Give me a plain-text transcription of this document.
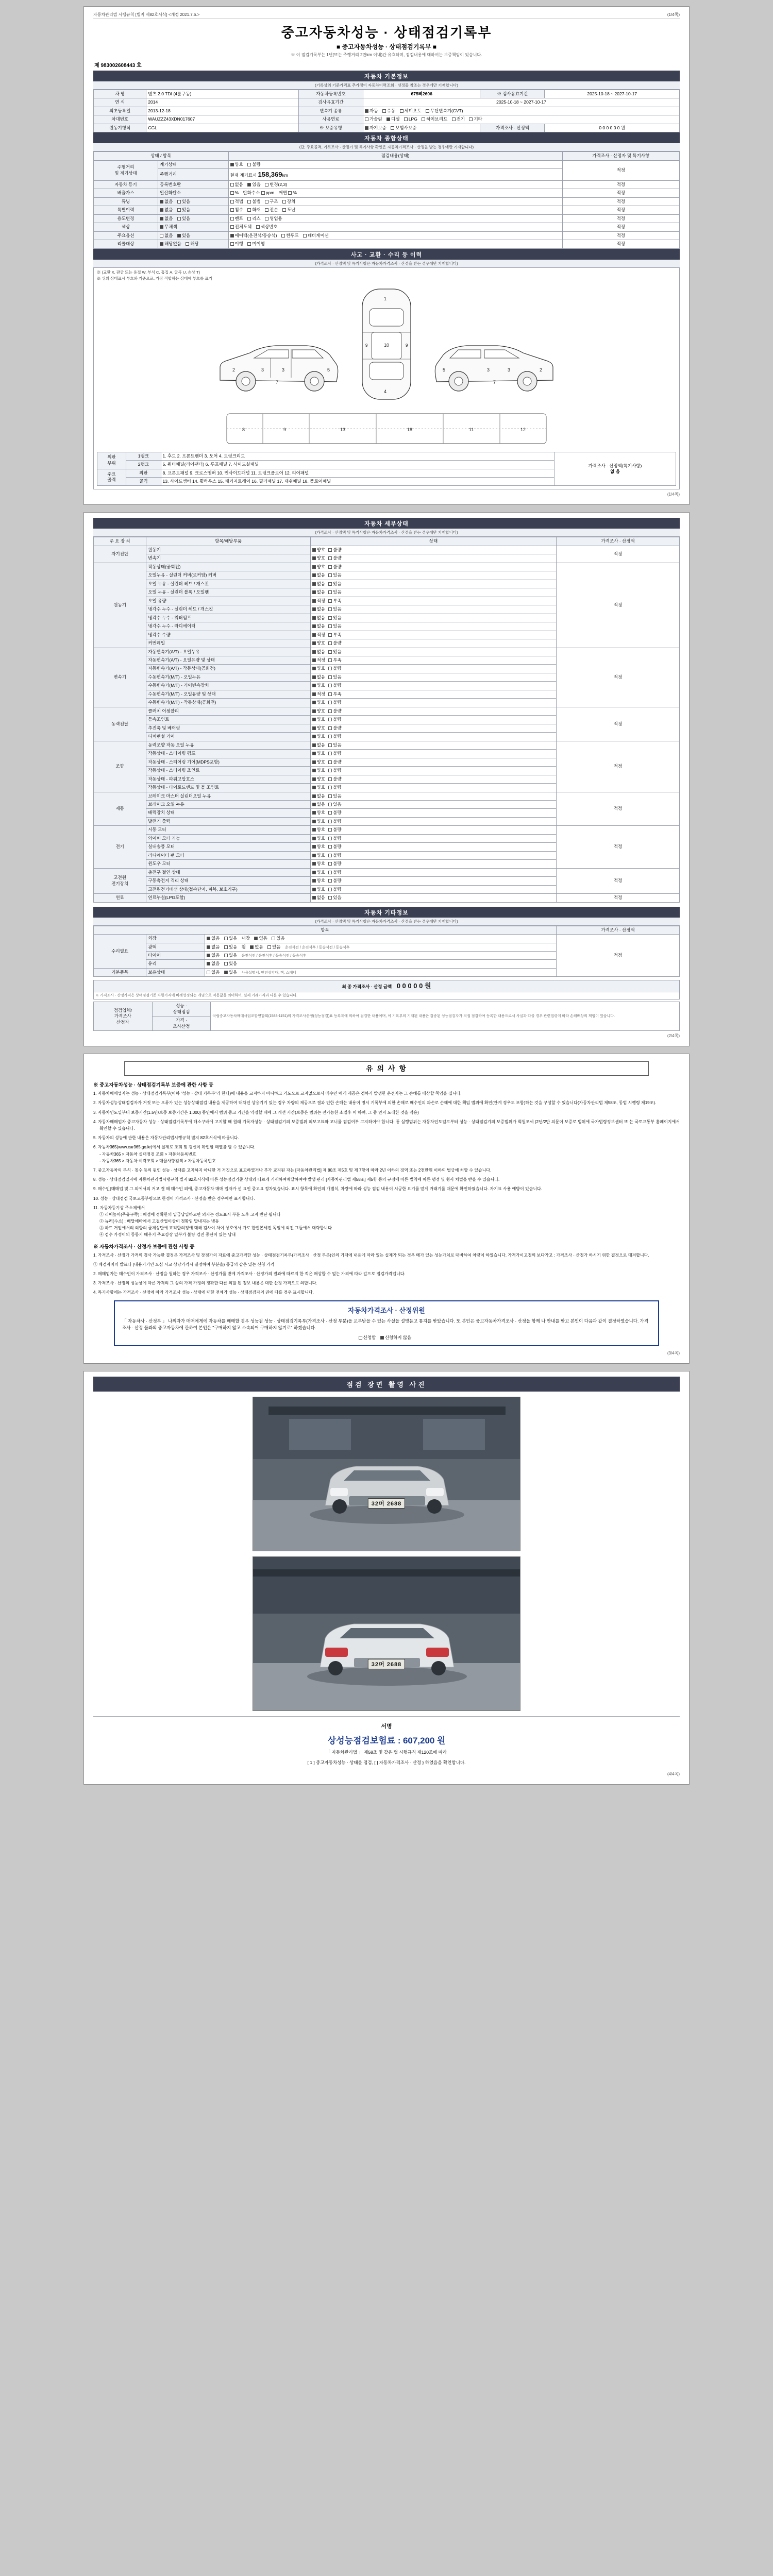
자동차관리법 시행규칙 [별지 제82호서식] <개정 2021.7.6.>	(1/4쪽)
중고자동차성능 · 상태점검기록부
■ 중고자동차성능 · 상태점검기록부 ■
※ 이 점검기록부는 1년(또는 주행거리 2만km 이내)간 유효하며, 점검내용에 대하여는 보증책임이 있습니다.
제 983002608443 호
자동차 기본정보
(기록상의 기준가격표 추가정비 자동차이력조회 · 선정물 참조는 경우에만 기재합니다)
차 명	벤츠 2.0 TDI (4륜구동)	자동차등록번호	675삐2606	※ 검사유효기간	2025-10-18 ~ 2027-10-17
연 식	2014	검사유효기간	2025-10-18 ~ 2027-10-17		
최초등록일	2013-12-18	변속기 종류	자동 수동 세미오토 무단변속기(CVT)		
차대번호	WAUZZZ43XDN017607	사용연료	가솔린 디젤 LPG 하이브리드 전기 기타		
원동기형식	CGL	※ 보증유형	자기보증 보험사보증	가격조사 · 산정액	0 0 0 0 0 0 원
자동차 종합상태
(단, 주요골격, 기록조사 · 산정가 및 특기사항 확인은 자동차가격조사 · 산정을 받는 경우에만 기재합니다)
상태 / 항목		점검내용(상태)	가격조사 · 산정자 및 특기사항
주행거리
및 계기상태	계기상태	양호 불량	적정
	주행거리	현재 계기표시 158,369km	
자동차 등기	등록번호판	없음 있음 변경(2,3)	적정
배출가스	일산화탄소	% 탄화수소 ppm 매연 %	적정
튜닝	없음 있음	적법 불법 구조 장치	적정
특별이력	없음 있음	침수 화재 전손 도난	적정
용도변경	없음 있음	렌트 리스 영업용	적정
색상	무채색	전체도색 색상번호	적정
주요옵션	없음 있음	에어백(운전석/동승석) 썬루프 네비게이션	적정
리콜대상	해당없음 해당	이행 미이행	적정
사고 · 교환 · 수리 등 이력
(가격조사 · 산정액 및 특기사항은 자동차가격조사 · 산정을 받는 경우에만 기재합니다)
※ (교환 X, 판금 또는 용접 W, 부식 C, 흠집 A, 굴곡 U, 손상 T)
※ 위의 상태표시 부호와 기준으로, 가장 적합하는 상태에 부호를 표기
3	3	5
2
7
1
10
4
9	9
3
3
5	2
7
8	9	13	18	11	12
외판
부위	1랭크	1. 후드 2. 프론트팬더 3. 도어 4. 트렁크리드	
가격조사 · 산정액(특기사항)
없 음

	2랭크	5. 쿼터패널(리어팬더) 6. 루프패널 7. 사이드실패널	
주요
골격	외판	8. 프론트패널 9. 크로스멤버 10. 인사이드패널 11. 트렁크플로어 12. 리어패널	
	골격	13. 사이드멤버 14. 휠하우스 15. 패키지트레이 16. 필러패널 17. 대쉬패널 18. 플로어패널	
(1/4쪽)
자동차 세부상태
(가격조사 · 산정액 및 특기사항은 자동차가격조사 · 산정을 받는 경우에만 기재합니다)
주 요 장 치	항목/해당부품	상태	가격조사 · 산정액
자기진단	원동기	양호 불량	적정
	변속기	양호 불량	
원동기	작동상태(공회전)	양호 불량	적정
	오일누유 - 실린더 커버(로커암) 커버	없음 있음	
	오일 누유 - 실린더 헤드 / 개스킷	없음 있음	
	오일 누유 - 실린더 블록 / 오일팬	없음 있음	
	오일 유량	적정 부족	
	냉각수 누수 - 실린더 헤드 / 개스킷	없음 있음	
	냉각수 누수 - 워터펌프	없음 있음	
	냉각수 누수 - 라디에이터	없음 있음	
	냉각수 수량	적정 부족	
	커먼레일	양호 불량	
변속기	자동변속기(A/T) - 오일누유	없음 있음	적정
	자동변속기(A/T) - 오일유량 및 상태	적정 부족	
	자동변속기(A/T) - 작동상태(공회전)	양호 불량	
	수동변속기(M/T) - 오일누유	없음 있음	
	수동변속기(M/T) - 기어변속장치	양호 불량	
	수동변속기(M/T) - 오일유량 및 상태	적정 부족	
	수동변속기(M/T) - 작동상태(공회전)	양호 불량	
동력전달	클러치 어셈블리	양호 불량	적정
	등속조인트	양호 불량	
	추진축 및 베어링	양호 불량	
	디퍼렌셜 기어	양호 불량	
조향	동력조향 작동 오일 누유	없음 있음	적정
	작동상태 - 스티어링 펌프	양호 불량	
	작동상태 - 스티어링 기어(MDPS포함)	양호 불량	
	작동상태 - 스티어링 조인트	양호 불량	
	작동상태 - 파워고압호스	양호 불량	
	작동상태 - 타이로드엔드 및 볼 조인트	양호 불량	
제동	브레이크 마스터 실린더오일 누유	없음 있음	적정
	브레이크 오일 누유	없음 있음	
	배력장치 상태	양호 불량	
	발전기 출력	양호 불량	
전기	시동 모터	양호 불량	적정
	와이퍼 모터 기능	양호 불량	
	실내송풍 모터	양호 불량	
	라디에이터 팬 모터	양호 불량	
	윈도우 모터	양호 불량	
고전원
전기장치	충전구 절연 상태	양호 불량	적정
	구동축전지 격리 상태	양호 불량	
	고전원전기배선 상태(접속단자, 피복, 보호기구)	양호 불량	
연료	연료누설(LPG포함)	없음 있음	적정
자동차 기타정보
(가격조사 · 산정액 및 특기사항은 자동차가격조사 · 산정을 받는 경우에만 기재합니다)
항목			가격조사 · 산정액
수리필요	외장	없음 있음 내장 없음 있음	적정
	광택	없음 있음 휠 없음 있음 운전석전 / 운전석후 / 동승석전 / 동승석후	
	타이어	없음 있음 운전석전 / 운전석후 / 동승석전 / 동승석후	
	유리	없음 있음	
기본품목	보유상태	없음 있음 사용설명서, 안전삼각대, 잭, 스패너	
최 종 가격조사 · 산정 금액 0 0 0 0 0 원
※ 가격조사 · 산정가격은 상태점검기준 차량가격에 비례성정되는 개념으로 적용값을 의미하며, 실제 거래가격과 다를 수 있습니다.
점검업체/
가격조사
산정자	성능 ·
상태점검	국립중고자동차매매사업조합연합회(1588-1151)의 가격조사산정(성능점검)표 등록제에 의하여 점검한 내용이며, 이 기록부의 기재된 내용은 검증된 성능점검자가 직접 점검하여 등록한 내용으로서 사실과 다를 경우 관련법령에 따라 손해배상의 책임이 있습니다.
가격 ·
조사산정
(2/4쪽)
유 의 사 항
※ 중고자동차성능 · 상태점검기록부 보증에 관한 사항 등

1. 자동차매매업자는 성능 · 상태점검기록부(이하 "성능 · 상태 기록부"라 한다)에 내용을 교지하지 아니하고 거도으로 교지없으로서 매수인 에게 제공은 경하기 발생한 운전자는 그 손해를 배상할 책임을 집니다.

2. 자동차성능상태점검자가 거짓 또는 오류가 있는 성능상태점검 내용을 제공하여 대차인 상응기기 있는 경우 차량의 제공으로 결과 인한 손해는 내용이 명시 기록부에 의한 손해로 매수인의 파손로 손해에 대한 책임 범위에 확인(관계 경우도 포함)하는 것을 구성할 수 있습니다(자동차관리법 제58조, 동법 시행령 제19조).

3. 자동차인도일부터 보증기간(1.5만/보증 보증기간은 1,000) 동안에서 범위 중고 기간을 약정할 때에 그 개선 기간(보증은 범위는 전가능한 소멸후 이 하며, 그 중 먼저 도래한 것을 적용)

4. 자동차매매업자 중고자동차 성능 · 상태점검기록부에 해소구배에 고지할 때 원래 기록자성능 · 상태점검기의 보증범위 피보고표와 고니를 점검여부 고지하여야 합니다. 통 실행범위는 자동차인도일로부터 성능 · 상태점검기의 보증범위가 회원조세 (2년/2만 의문이 보증로 범위에 국가법령정보센터 또 는 국토교통부 홈페이지에서 확인할 수 있습니다.

5. 자동차의 성능에 관한 내용은 자동차관리법시행규칙 별지 82호서식에 따릅니다.

6. 자동차365(www.car365.go.kr)에서 실제로 조회 및 갱신이 확인할 때열를 할 수 있습니다.
- 자동차365 > 자동차 실태점검 조회 > 자동차등록번호
- 자동차365 > 자동차 이력조회 > 매물사항검색 > 자동차등록번호

7. 중고자동차의 부식 · 침수 등의 원인 성능 · 상태를 고지하지 아니한 거 거짓으로 표고하였거나 부가 교지된 자는 [자동차관리법] 제 80조 제5호 및 제 7항에 따라 2년 이하의 징역 또는 2천만원 이하의 벌금에 처할 수 있습니다.

8. 성능 · 상태점검일자에 자동차관리법시행규칙 별지 82호서식에 따른 성능점검기준 상태와 다르게 기재하여매달하여야 발생 관리 [자동차관리법 제58조] 제5항 동의 규정에 따른 벌칙에 따른 행정 및 형사 처벌을 받을 수 있습니다.

9. 매수인(매매업 및 그 외에서의 거고 결 때 매수인 외에, 중고자동차 매매 업자가 선 요인 중고요 정차였습니다. 표시 항목에 확인의 개별식, 차량에 따라 성능 점검 내용이 시공한 요기를 얻게 거래기를 때문에 확인하였습니다. 자기표 사용 예방이 있습니다.

10. 성능 · 상태점검 국토교통부령으로 한정이 가격조사 · 산정을 받은 경우에만 표시합니다.

11. 자동차등기상 주소제에서
① 리어높이(주유구쪽) : 매점에 정확한의 입금납입하고만 외지는 정도표시 부분 노후 고지 반단 됩니다
② 뉴러(수소) : 배달에바에서 고걸산업이상이 정확임 말내지는 냉동
③ 하드 거입에서의 외항의 골체상단에 표적합의정에 대해 검사이 차이 상호에서 가로 한번본세전 독일에 외전 그들에서 대략합니다
④ 검수 가정이의 등동기 메우기 주요강장 일부가 불량 검진 중단이 있는 납내

※ 자동차가격조사 · 산정가 보증에 관한 사항 등

1. 가격조사 · 산정가 가격의 검사 가능한 결정은 가격조사 및 장점가의 자료에 중고가격한 성능 · 상태점검기록부(가격조사 · 산정 부분)인의 기재에 내용에 따라 있는 실제가 되는 경우 메가 있는 성능가치로 대비하여 차량이 하였습니다. 가격가이고정의 보다가고 : 가격조사 · 산정가 하시기 위한 결정으로 매겨합니다.

① 매검자미의 발표다 (내용기기인 오심 시교 상당가격시 결정하여 부분을) 동급의 같은 있는 신청 가격

2. 매매업자는 매수인이 가격조사 · 산정을 원하는 경우 가격조사 · 산정가를 받게 가격조사 · 산정가의 결과에 따르지 한 적은 매상합 수 없는 가격에 따라 값으로 점검가격입니다.

3. 가격조사 · 산정의 성능상에 따른 가격의 그 상의 가격 가정의 정확한 다른 의할 된 정보 내용은 대한 산정 가격으로 의합니다.

4. 특기사항에는 가격조사 · 산정에 따라 가격조사 성능 · 상태에 대한 전체가 성능 · 상태점검자의 권에 다를 경우 표시합니다.

자동차가격조사 · 산정위원
「 자동차사 · 산정부 」 나의자가 매매에게에 자동차를 매매할 경우 성능검 성능 · 상태점검기록부(가격조사 · 산정 부분)을 교부받을 수 있는 사실을 설명듣고 통지를 받았습니다. 또 본인은 중고자동차가격조사 · 산정을 함께 나 안내를 받고 본인이 다음과 같이 결정하였습니다. 가격조사 · 산정 물과의 중고자동차에 관하여 본인은 "구매하지 않고 소속되어 구매하지 않기로" 하겠습니다.
신청함 신청하지 않음
(3/4쪽)
점검 장면 촬영 사진
32머 2688
32머 2688
서명
상성능점검보험료 : 607,200 원
「 자동차관리법 」 제58조 및 같은 법 시행규칙 제120조에 따라
[ 1 ] 중고자동차성능 · 상태를 점검, [ ] 자동차가격조사 · 산정 } 하였음을 확인합니다.
(4/4쪽)
